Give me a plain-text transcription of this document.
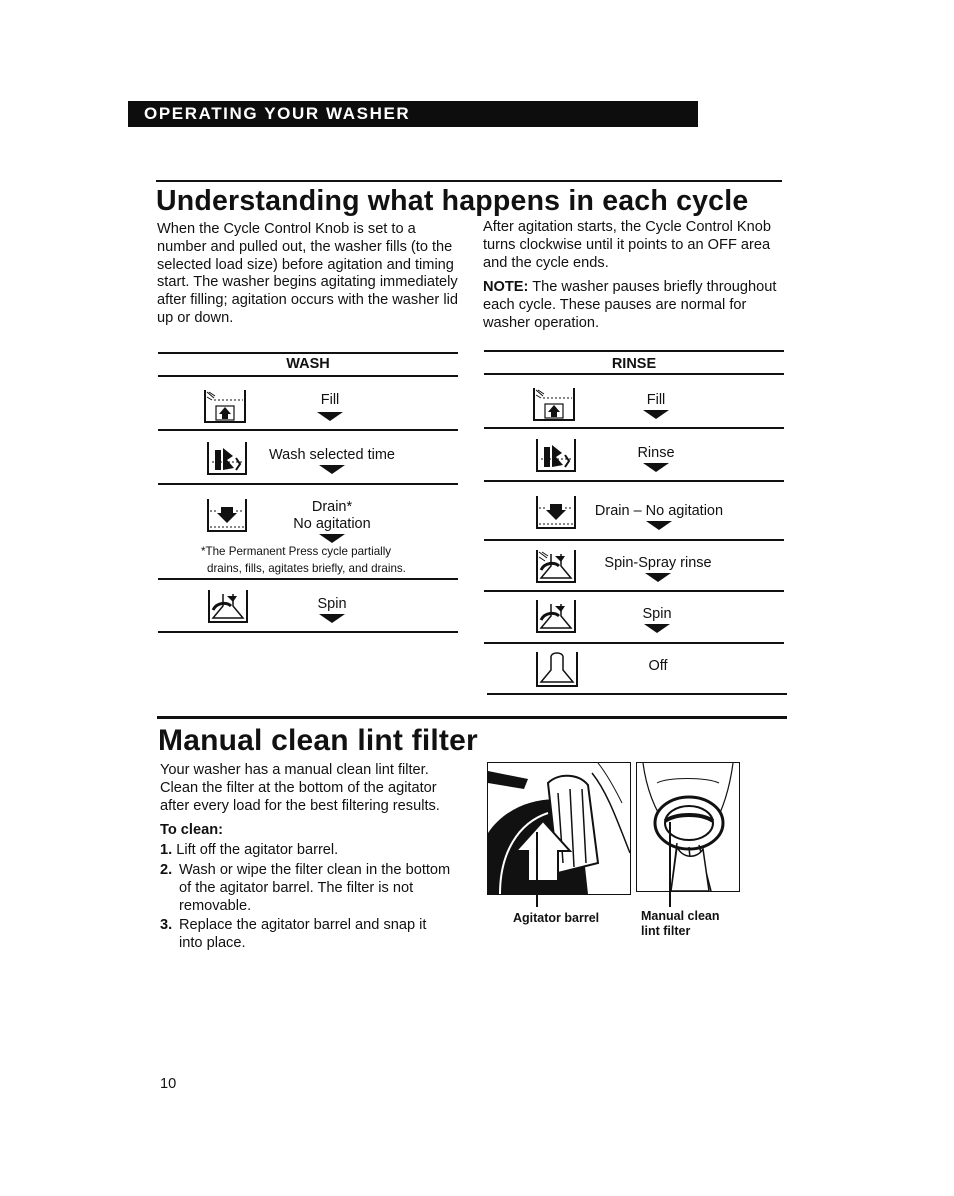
OPERATING YOUR WASHER
Understanding what happens in each cycle
When the Cycle Control Knob is set to a number and pulled out, the washer fills (to the selected load size) before agitation and timing start. The washer begins agitating immediately after filling; agitation occurs with the washer lid up or down.
After agitation starts, the Cycle Control Knob turns clockwise until it points to an OFF area and the cycle ends.
NOTE: The washer pauses briefly throughout each cycle. These pauses are normal for washer operation.
WASH
Fill
Wash selected time
Drain*
No agitation
*The Permanent Press cycle partially
drains, fills, agitates briefly, and drains.
Spin
RINSE
Fill
Rinse
Drain – No agitation
Spin-Spray rinse
Spin
Off
Manual clean lint filter
Your washer has a manual clean lint filter. Clean the filter at the bottom of the agitator after every load for the best filtering results.
To clean:
1. Lift off the agitator barrel.
2. Wash or wipe the filter clean in the bottom of the agitator barrel. The filter is not removable.
3. Replace the agitator barrel and snap it into place.
Agitator barrel	Manual clean
lint filter
10
